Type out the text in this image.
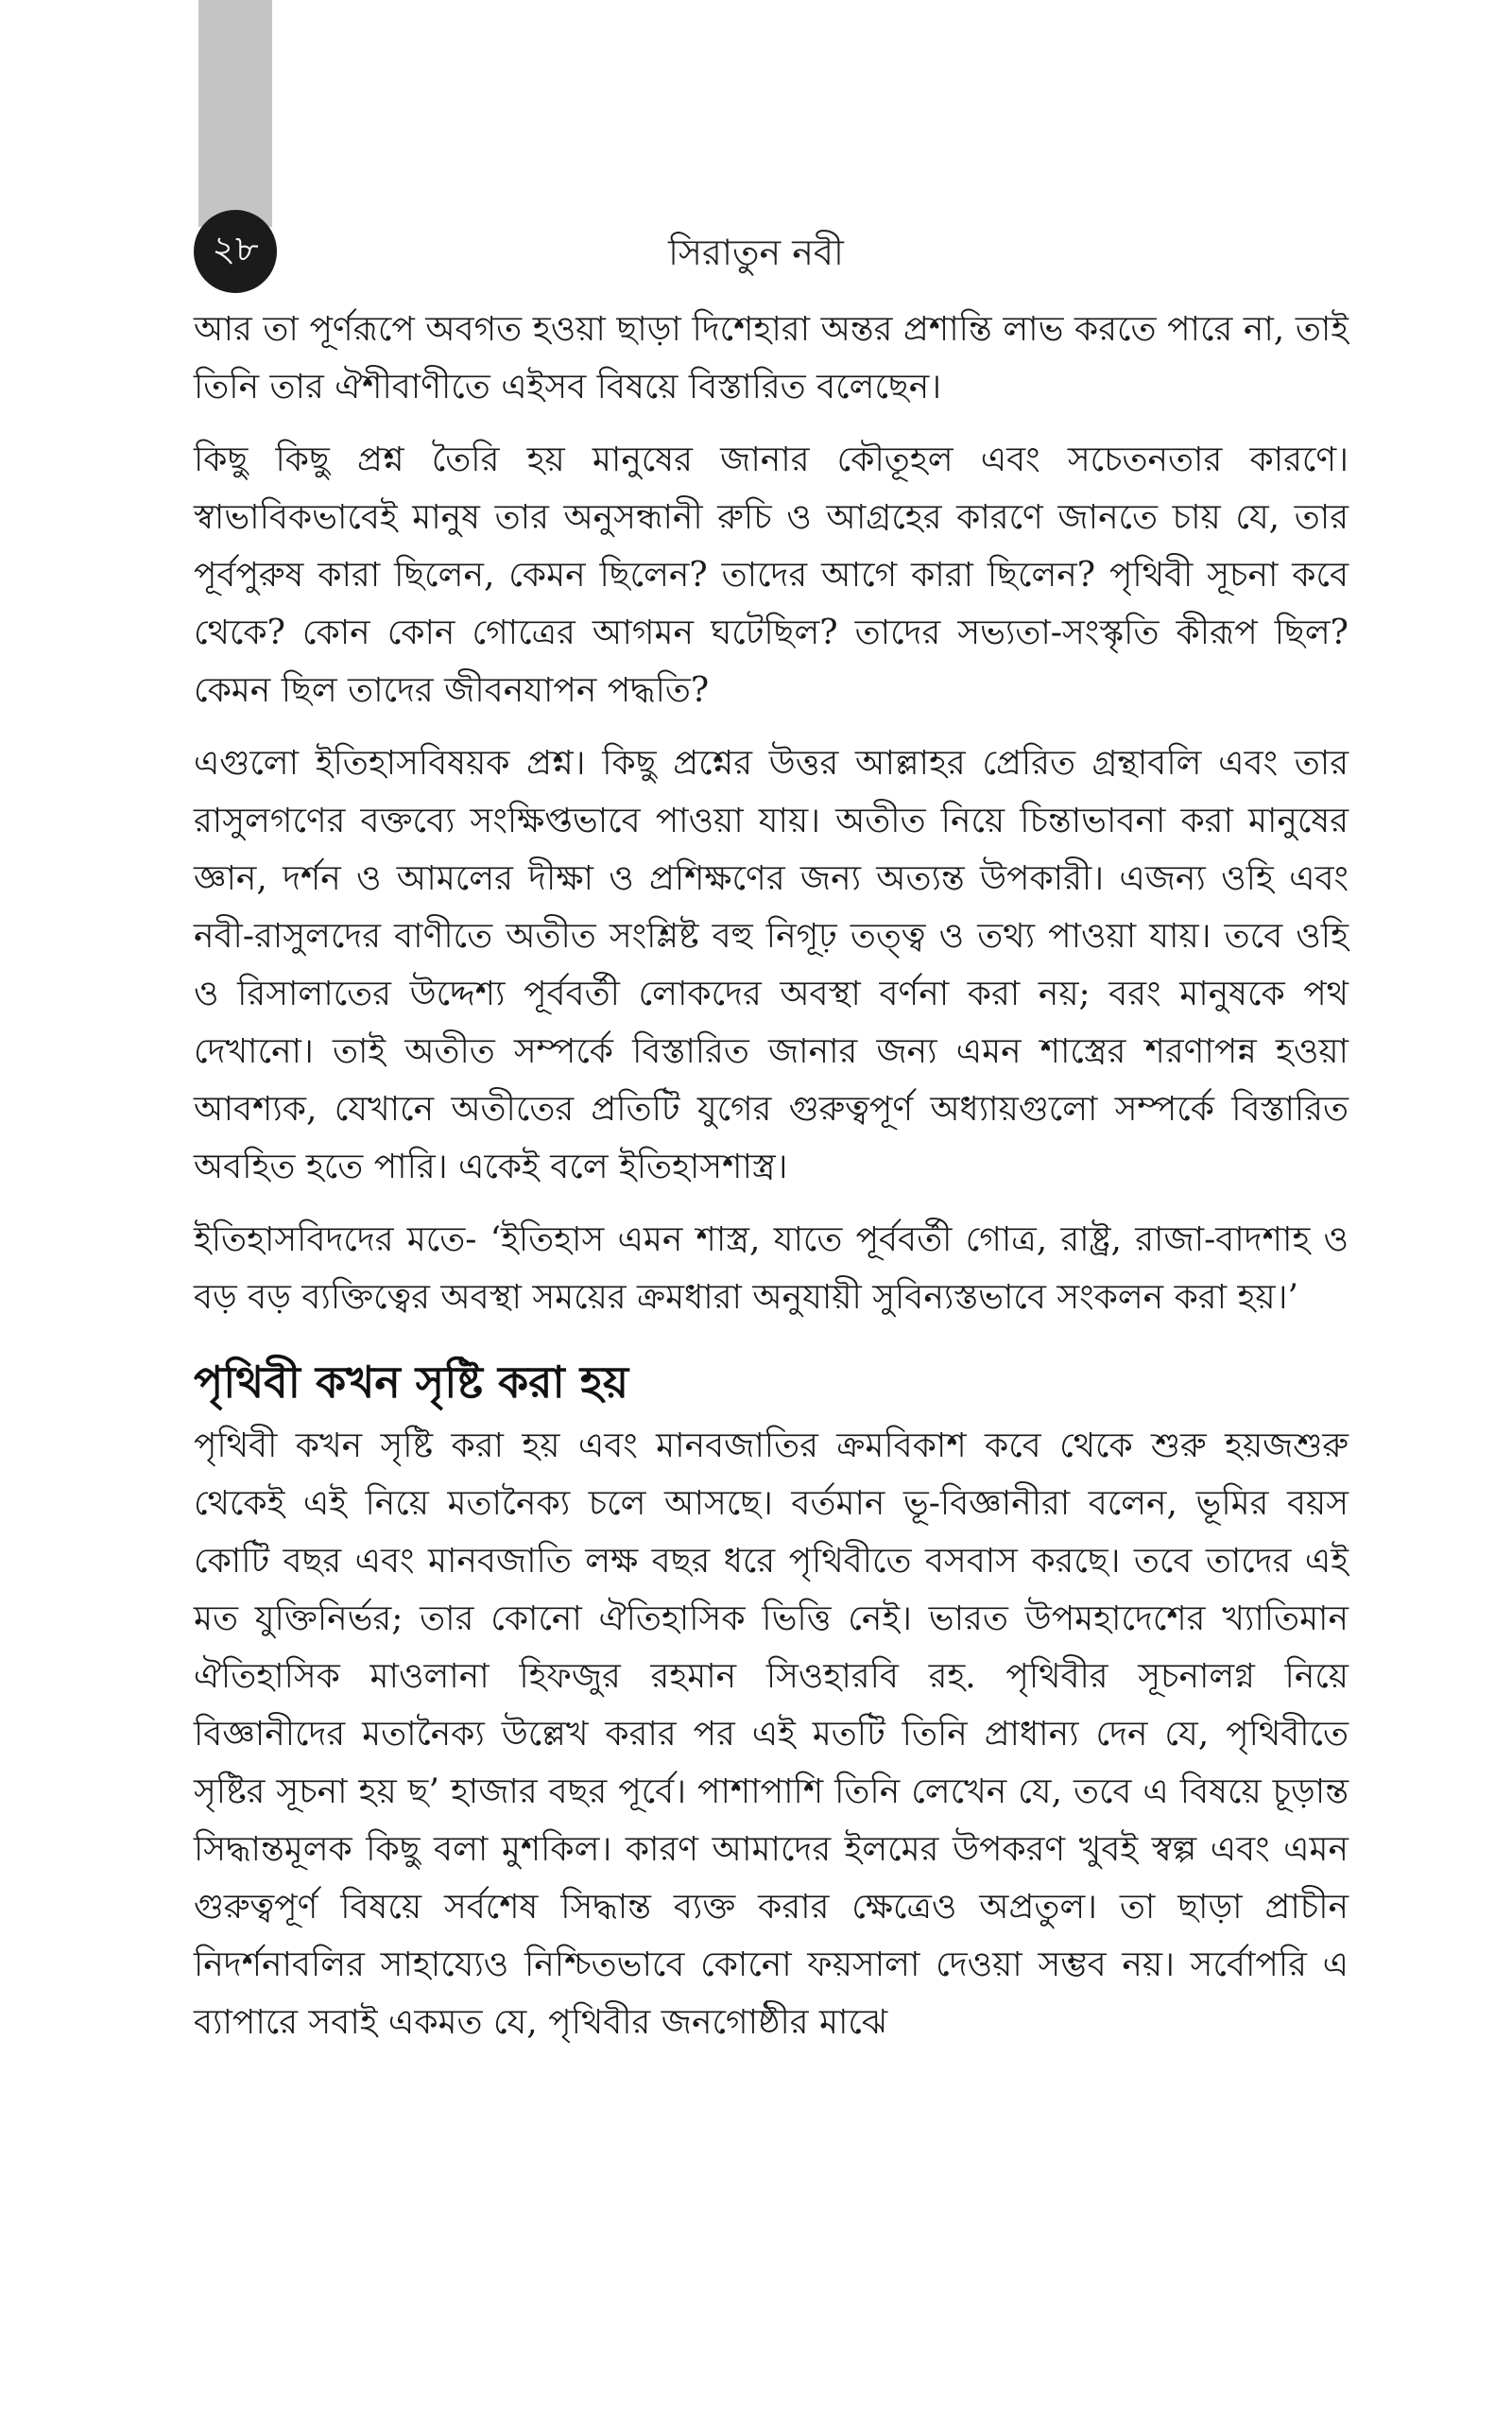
২৮	সিরাতুন নবী

আর তা পূর্ণরূপে অবগত হওয়া ছাড়া দিশেহারা অন্তর প্রশান্তি লাভ করতে পারে না, তাই তিনি তার ঐশীবাণীতে এইসব বিষয়ে বিস্তারিত বলেছেন।

কিছু কিছু প্রশ্ন তৈরি হয় মানুষের জানার কৌতূহল এবং সচেতনতার কারণে। স্বাভাবিকভাবেই মানুষ তার অনুসন্ধানী রুচি ও আগ্রহের কারণে জানতে চায় যে, তার পূর্বপুরুষ কারা ছিলেন, কেমন ছিলেন? তাদের আগে কারা ছিলেন? পৃথিবী সূচনা কবে থেকে? কোন কোন গোত্রের আগমন ঘটেছিল? তাদের সভ্যতা-সংস্কৃতি কীরূপ ছিল? কেমন ছিল তাদের জীবনযাপন পদ্ধতি?

এগুলো ইতিহাসবিষয়ক প্রশ্ন। কিছু প্রশ্নের উত্তর আল্লাহর প্রেরিত গ্রন্থাবলি এবং তার রাসুলগণের বক্তব্যে সংক্ষিপ্তভাবে পাওয়া যায়। অতীত নিয়ে চিন্তাভাবনা করা মানুষের জ্ঞান, দর্শন ও আমলের দীক্ষা ও প্রশিক্ষণের জন্য অত্যন্ত উপকারী। এজন্য ওহি এবং নবী-রাসুলদের বাণীতে অতীত সংশ্লিষ্ট বহু নিগূঢ় তত্ত্ব ও তথ্য পাওয়া যায়। তবে ওহি ও রিসালাতের উদ্দেশ্য পূর্ববর্তী লোকদের অবস্থা বর্ণনা করা নয়; বরং মানুষকে পথ দেখানো। তাই অতীত সম্পর্কে বিস্তারিত জানার জন্য এমন শাস্ত্রের শরণাপন্ন হওয়া আবশ্যক, যেখানে অতীতের প্রতিটি যুগের গুরুত্বপূর্ণ অধ্যায়গুলো সম্পর্কে বিস্তারিত অবহিত হতে পারি। একেই বলে ইতিহাসশাস্ত্র।

ইতিহাসবিদদের মতে- ‘ইতিহাস এমন শাস্ত্র, যাতে পূর্ববর্তী গোত্র, রাষ্ট্র, রাজা-বাদশাহ ও বড় বড় ব্যক্তিত্বের অবস্থা সময়ের ক্রমধারা অনুযায়ী সুবিন্যস্তভাবে সংকলন করা হয়।’

পৃথিবী কখন সৃষ্টি করা হয়

পৃথিবী কখন সৃষ্টি করা হয় এবং মানবজাতির ক্রমবিকাশ কবে থেকে শুরু হয়জশুরু থেকেই এই নিয়ে মতানৈক্য চলে আসছে। বর্তমান ভূ-বিজ্ঞানীরা বলেন, ভূমির বয়স কোটি বছর এবং মানবজাতি লক্ষ বছর ধরে পৃথিবীতে বসবাস করছে। তবে তাদের এই মত যুক্তিনির্ভর; তার কোনো ঐতিহাসিক ভিত্তি নেই। ভারত উপমহাদেশের খ্যাতিমান ঐতিহাসিক মাওলানা হিফজুর রহমান সিওহারবি রহ. পৃথিবীর সূচনালগ্ন নিয়ে বিজ্ঞানীদের মতানৈক্য উল্লেখ করার পর এই মতটি তিনি প্রাধান্য দেন যে, পৃথিবীতে সৃষ্টির সূচনা হয় ছ’ হাজার বছর পূর্বে। পাশাপাশি তিনি লেখেন যে, তবে এ বিষয়ে চূড়ান্ত সিদ্ধান্তমূলক কিছু বলা মুশকিল। কারণ আমাদের ইলমের উপকরণ খুবই স্বল্প এবং এমন গুরুত্বপূর্ণ বিষয়ে সর্বশেষ সিদ্ধান্ত ব্যক্ত করার ক্ষেত্রেও অপ্রতুল। তা ছাড়া প্রাচীন নিদর্শনাবলির সাহায্যেও নিশ্চিতভাবে কোনো ফয়সালা দেওয়া সম্ভব নয়। সর্বোপরি এ ব্যাপারে সবাই একমত যে, পৃথিবীর জনগোষ্ঠীর মাঝে
